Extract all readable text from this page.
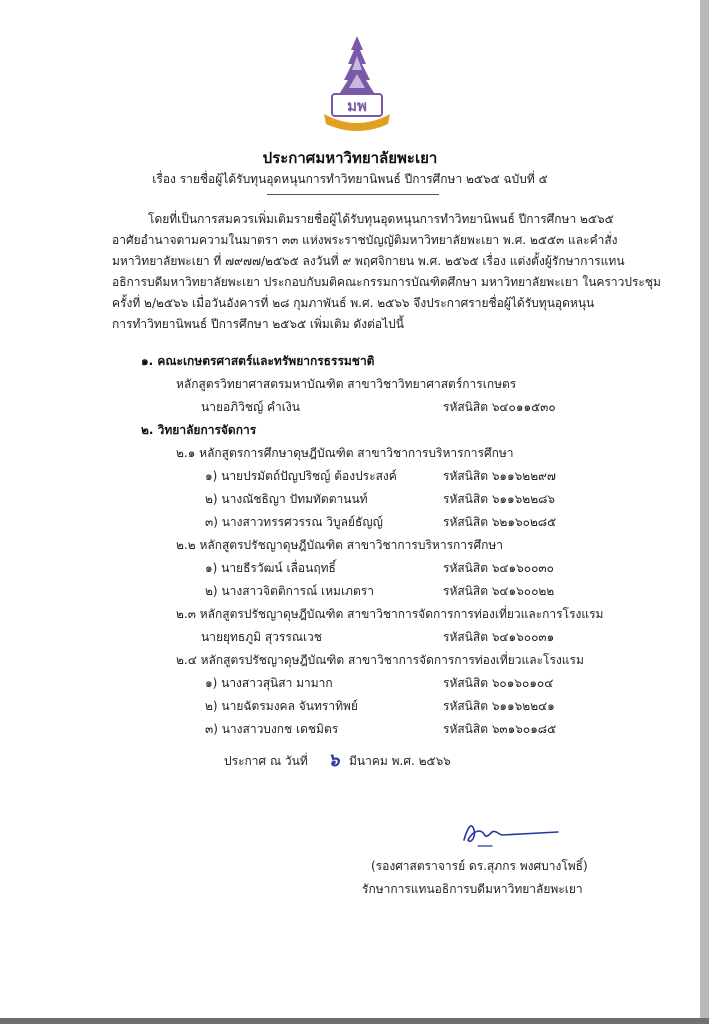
มพ
ประกาศมหาวิทยาลัยพะเยา
เรื่อง รายชื่อผู้ได้รับทุนอุดหนุนการทำวิทยานิพนธ์ ปีการศึกษา ๒๕๖๕ ฉบับที่ ๕
โดยที่เป็นการสมควรเพิ่มเติมรายชื่อผู้ได้รับทุนอุดหนุนการทำวิทยานิพนธ์ ปีการศึกษา ๒๕๖๕
อาศัยอำนาจตามความในมาตรา ๓๓ แห่งพระราชบัญญัติมหาวิทยาลัยพะเยา พ.ศ. ๒๕๕๓ และคำสั่ง
มหาวิทยาลัยพะเยา ที่ ๗๙๗๗/๒๕๖๕ ลงวันที่ ๙ พฤศจิกายน พ.ศ. ๒๕๖๕ เรื่อง แต่งตั้งผู้รักษาการแทน
อธิการบดีมหาวิทยาลัยพะเยา ประกอบกับมติคณะกรรมการบัณฑิตศึกษา มหาวิทยาลัยพะเยา ในคราวประชุม
ครั้งที่ ๒/๒๕๖๖ เมื่อวันอังคารที่ ๒๘ กุมภาพันธ์ พ.ศ. ๒๕๖๖ จึงประกาศรายชื่อผู้ได้รับทุนอุดหนุน
การทำวิทยานิพนธ์ ปีการศึกษา ๒๕๖๕ เพิ่มเติม ดังต่อไปนี้
๑. คณะเกษตรศาสตร์และทรัพยากรธรรมชาติ
หลักสูตรวิทยาศาสตรมหาบัณฑิต สาขาวิชาวิทยาศาสตร์การเกษตร
นายอภิวิชญ์ คำเงิน	รหัสนิสิต ๖๔๐๑๑๕๓๐
๒. วิทยาลัยการจัดการ
๒.๑ หลักสูตรการศึกษาดุษฎีบัณฑิต สาขาวิชาการบริหารการศึกษา
๑) นายปรมัตถ์ปัญปริชญ์ ต้องประสงค์	รหัสนิสิต ๖๑๑๖๒๒๙๗
๒) นางณัชธิญา ปัทมทัตตานนท์	รหัสนิสิต ๖๑๑๖๒๒๘๖
๓) นางสาวทรรศวรรณ วิบูลย์ธัญญ์	รหัสนิสิต ๖๒๑๖๐๒๘๕
๒.๒ หลักสูตรปรัชญาดุษฎีบัณฑิต สาขาวิชาการบริหารการศึกษา
๑) นายธีรวัฒน์ เลื่อนฤทธิ์	รหัสนิสิต ๖๔๑๖๐๐๓๐
๒) นางสาวจิตติการณ์ เหมเภตรา	รหัสนิสิต ๖๔๑๖๐๐๒๒
๒.๓ หลักสูตรปรัชญาดุษฎีบัณฑิต สาขาวิชาการจัดการการท่องเที่ยวและการโรงแรม
นายยุทธภูมิ สุวรรณเวช	รหัสนิสิต ๖๔๑๖๐๐๓๑
๒.๔ หลักสูตรปรัชญาดุษฎีบัณฑิต สาขาวิชาการจัดการการท่องเที่ยวและโรงแรม
๑) นางสาวสุนิสา มามาก	รหัสนิสิต ๖๐๑๖๐๑๐๔
๒) นายฉัตรมงคล จันทราทิพย์	รหัสนิสิต ๖๑๑๖๒๒๔๑
๓) นางสาวบงกช เดชมิตร	รหัสนิสิต ๖๓๑๖๐๑๘๕
ประกาศ ณ วันที่ ๖ มีนาคม พ.ศ. ๒๕๖๖
(รองศาสตราจารย์ ดร.สุภกร พงศบางโพธิ์)
รักษาการแทนอธิการบดีมหาวิทยาลัยพะเยา
